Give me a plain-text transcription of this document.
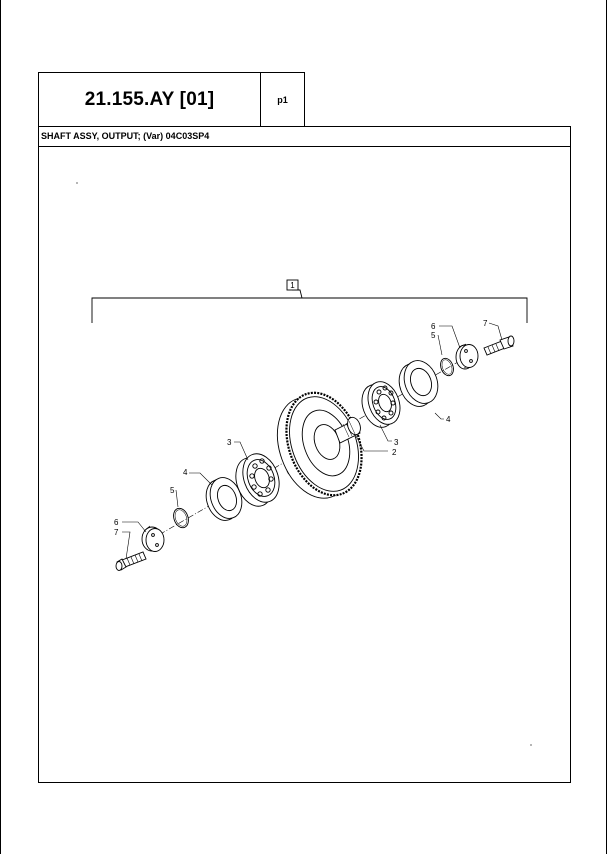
21.155.AY [01]	p1
SHAFT ASSY, OUTPUT; (Var) 04C03SP4
1
6
7
5
4
3	3
2
4
5
6	7
